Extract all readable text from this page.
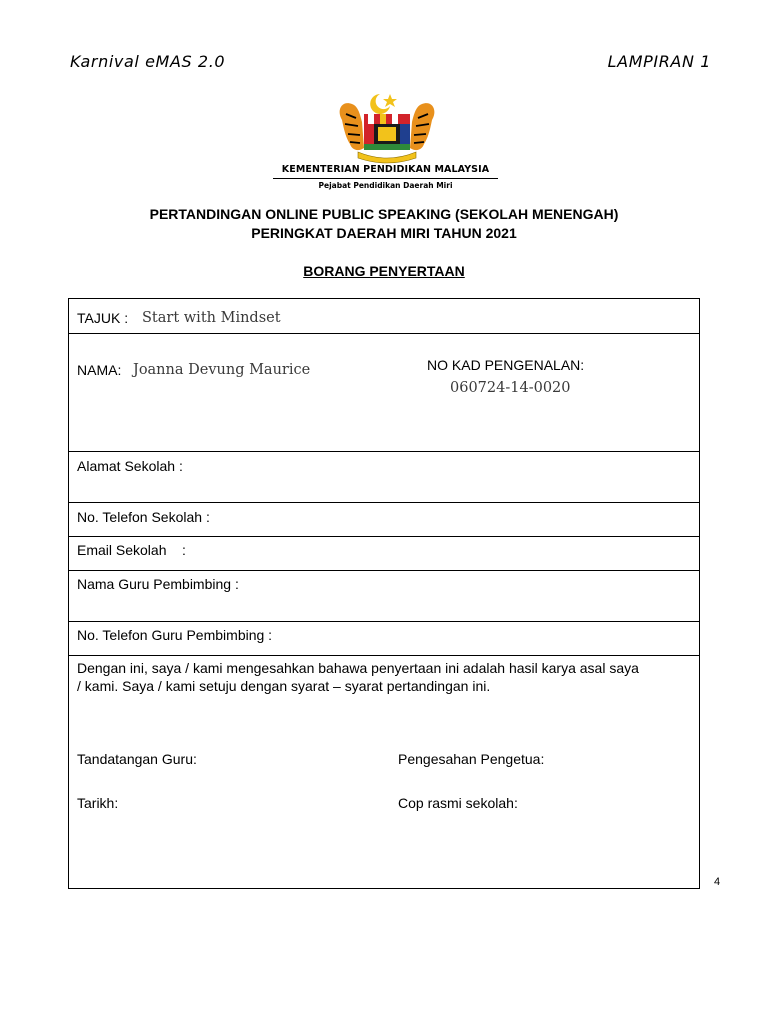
Karnival eMAS 2.0	LAMPIRAN 1
KEMENTERIAN PENDIDIKAN MALAYSIA
Pejabat Pendidikan Daerah Miri
PERTANDINGAN ONLINE PUBLIC SPEAKING (SEKOLAH MENENGAH)
PERINGKAT DAERAH MIRI TAHUN 2021
BORANG PENYERTAAN
TAJUK : Start with Mindset
NAMA: Joanna Devung Maurice	NO KAD PENGENALAN:
060724-14-0020
Alamat Sekolah :
No. Telefon Sekolah :
Email Sekolah    :
Nama Guru Pembimbing :
No. Telefon Guru Pembimbing :
Dengan ini, saya / kami mengesahkan bahawa penyertaan ini adalah hasil karya asal saya
/ kami. Saya / kami setuju dengan syarat – syarat pertandingan ini.
Tandatangan Guru:	Pengesahan Pengetua:
Tarikh:	Cop rasmi sekolah:
4
